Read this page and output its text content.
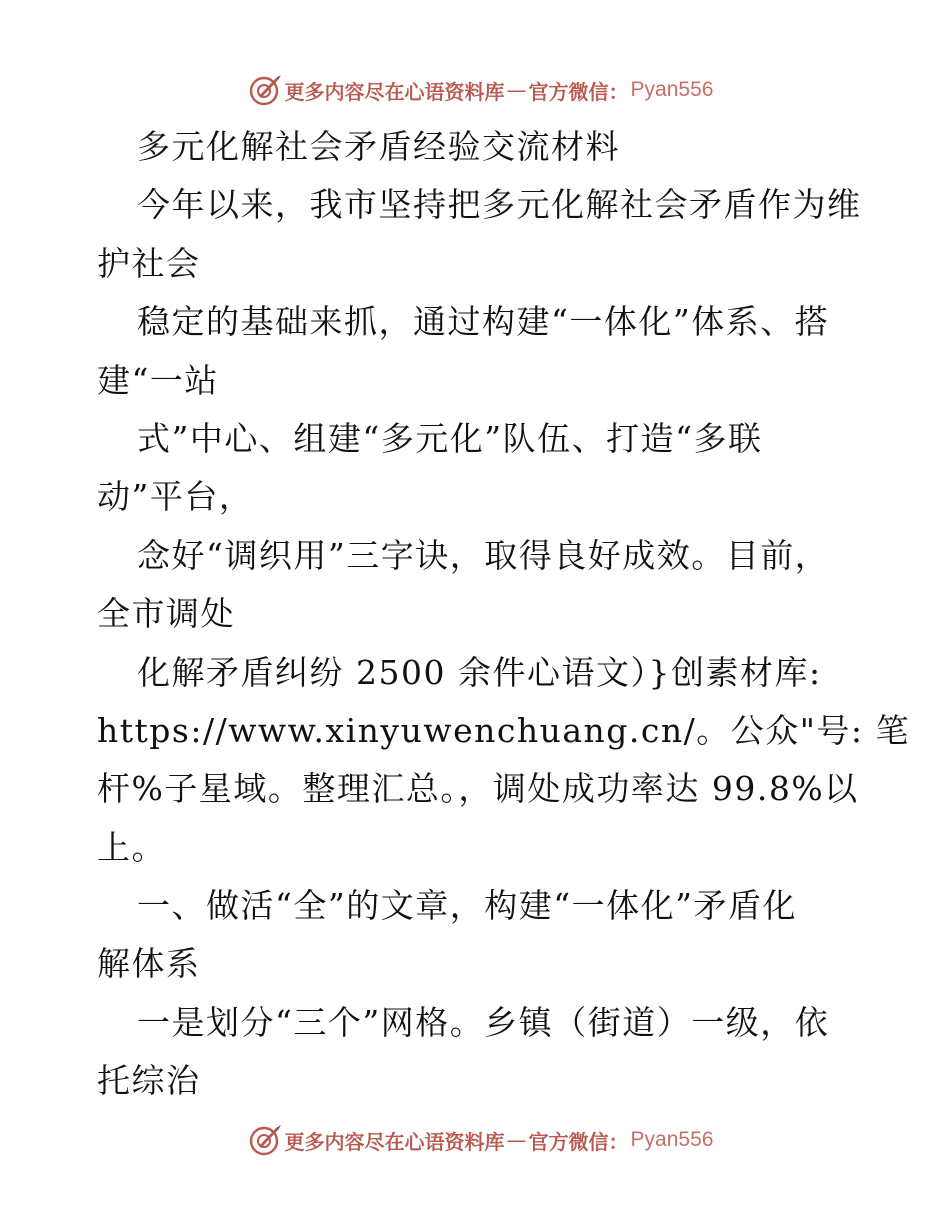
更多内容尽在心语资料库 — 官方微信： Pyan556
多元化解社会矛盾经验交流材料
今年以来，我市坚持把多元化解社会矛盾作为维
护社会
稳定的基础来抓，通过构建“一体化”体系、搭
建“一站
式”中心、组建“多元化”队伍、打造“多联
动”平台，
念好“调织用”三字诀，取得良好成效。目前，
全市调处
化解矛盾纠纷 2500 余件心语文）}创素材库:
https://www.xinyuwenchuang.cn/。公众"号: 笔
杆%子星域。整理汇总。，调处成功率达 99.8%以
上。
一、做活“全”的文章，构建“一体化”矛盾化
解体系
一是划分“三个”网格。乡镇（街道）一级，依
托综治
更多内容尽在心语资料库 — 官方微信： Pyan556
